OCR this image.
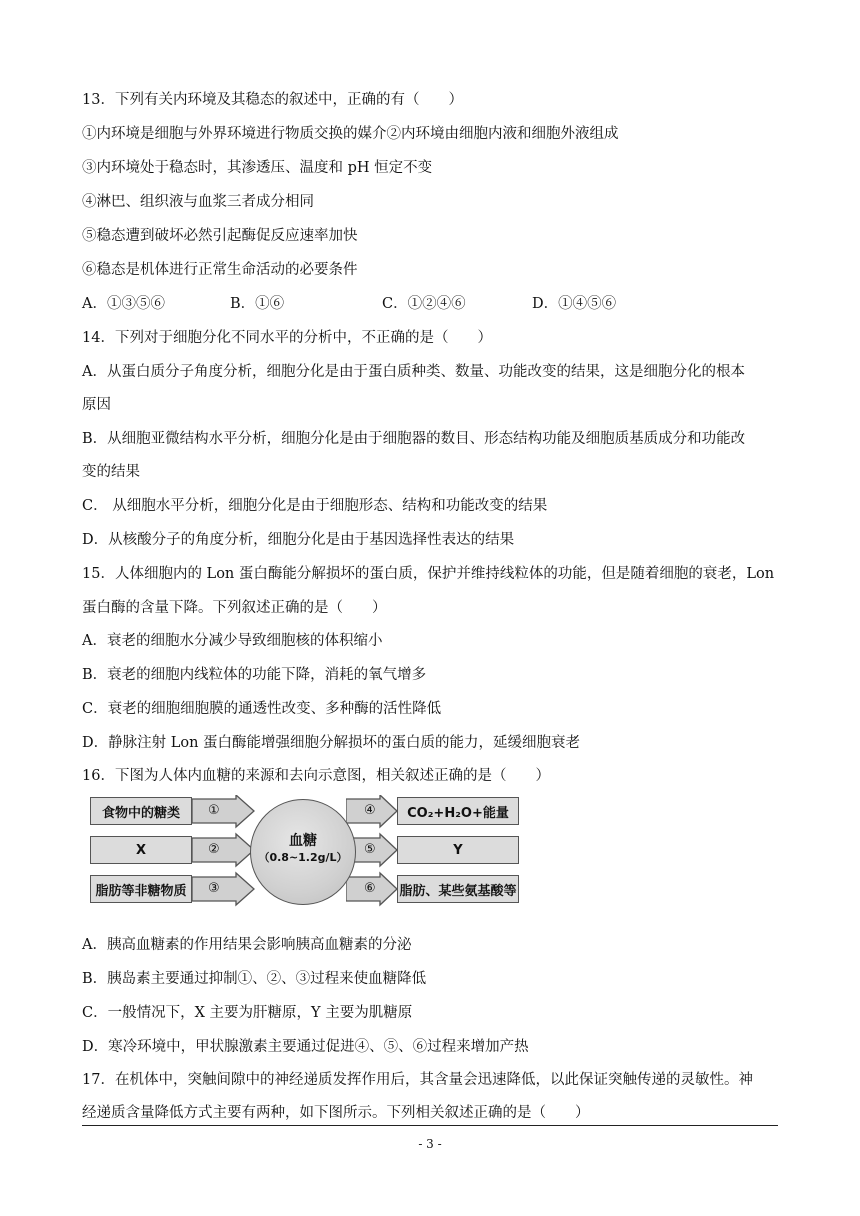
13．下列有关内环境及其稳态的叙述中，正确的有（　　）
①内环境是细胞与外界环境进行物质交换的媒介②内环境由细胞内液和细胞外液组成
③内环境处于稳态时，其渗透压、温度和 pH 恒定不变
④淋巴、组织液与血浆三者成分相同
⑤稳态遭到破坏必然引起酶促反应速率加快
⑥稳态是机体进行正常生命活动的必要条件
A．①③⑤⑥	B．①⑥	C．①②④⑥	D．①④⑤⑥
14．下列对于细胞分化不同水平的分析中，不正确的是（　　）
A．从蛋白质分子角度分析，细胞分化是由于蛋白质种类、数量、功能改变的结果，这是细胞分化的根本
原因
B．从细胞亚微结构水平分析，细胞分化是由于细胞器的数目、形态结构功能及细胞质基质成分和功能改
变的结果
C． 从细胞水平分析，细胞分化是由于细胞形态、结构和功能改变的结果
D．从核酸分子的角度分析，细胞分化是由于基因选择性表达的结果
15．人体细胞内的 Lon 蛋白酶能分解损坏的蛋白质，保护并维持线粒体的功能，但是随着细胞的衰老，Lon
蛋白酶的含量下降。下列叙述正确的是（　　）
A．衰老的细胞水分减少导致细胞核的体积缩小
B．衰老的细胞内线粒体的功能下降，消耗的氧气增多
C．衰老的细胞细胞膜的通透性改变、多种酶的活性降低
D．静脉注射 Lon 蛋白酶能增强细胞分解损坏的蛋白质的能力，延缓细胞衰老
16．下图为人体内血糖的来源和去向示意图，相关叙述正确的是（　　）
食物中的糖类
X
脂肪等非糖物质
①
②
③
血糖
（0.8~1.2g/L）
④
⑤
⑥
CO₂+H₂O+能量
Y
脂肪、某些氨基酸等
A．胰高血糖素的作用结果会影响胰高血糖素的分泌
B．胰岛素主要通过抑制①、②、③过程来使血糖降低
C．一般情况下，X 主要为肝糖原，Y 主要为肌糖原
D．寒冷环境中，甲状腺激素主要通过促进④、⑤、⑥过程来增加产热
17．在机体中，突触间隙中的神经递质发挥作用后，其含量会迅速降低，以此保证突触传递的灵敏性。神
经递质含量降低方式主要有两种，如下图所示。下列相关叙述正确的是（　　）
- 3 -
